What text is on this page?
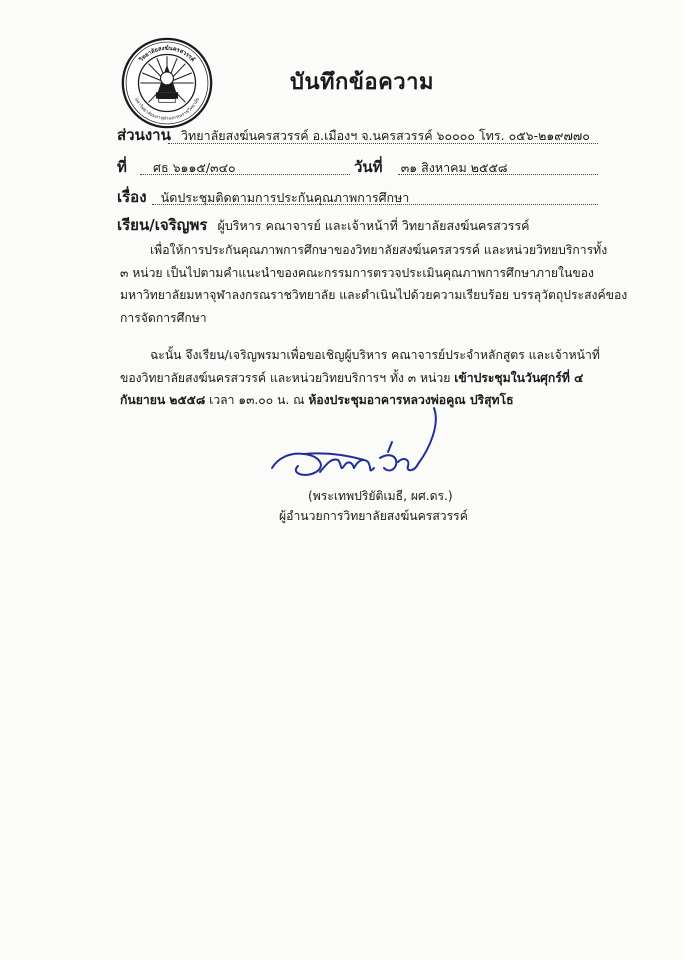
วิทยาลัยสงฆ์นครสวรรค์
มหาวิทยาลัยมหาจุฬาลงกรณราชวิทยาลัย
บันทึกข้อความ
ส่วนงาน วิทยาลัยสงฆ์นครสวรรค์ อ.เมืองฯ จ.นครสวรรค์ ๖๐๐๐๐ โทร. ๐๕๖-๒๑๙๗๗๐
ที่ ศธ ๖๑๑๕/๓๔๐	วันที่ ๓๑ สิงหาคม ๒๕๕๘
เรื่อง นัดประชุมติดตามการประกันคุณภาพการศึกษา
เรียน/เจริญพร ผู้บริหาร คณาจารย์ และเจ้าหน้าที่ วิทยาลัยสงฆ์นครสวรรค์
เพื่อให้การประกันคุณภาพการศึกษาของวิทยาลัยสงฆ์นครสวรรค์ และหน่วยวิทยบริการทั้ง
๓ หน่วย เป็นไปตามคำแนะนำของคณะกรรมการตรวจประเมินคุณภาพการศึกษาภายในของ
มหาวิทยาลัยมหาจุฬาลงกรณราชวิทยาลัย และดำเนินไปด้วยความเรียบร้อย บรรลุวัตถุประสงค์ของ
การจัดการศึกษา
ฉะนั้น จึงเรียน/เจริญพรมาเพื่อขอเชิญผู้บริหาร คณาจารย์ประจำหลักสูตร และเจ้าหน้าที่
ของวิทยาลัยสงฆ์นครสวรรค์ และหน่วยวิทยบริการฯ ทั้ง ๓ หน่วย เข้าประชุมในวันศุกร์ที่ ๔
กันยายน ๒๕๕๘ เวลา ๑๓.๐๐ น. ณ ห้องประชุมอาคารหลวงพ่อคูณ ปริสุทโธ
(พระเทพปริยัติเมธี, ผศ.ดร.)
ผู้อำนวยการวิทยาลัยสงฆ์นครสวรรค์
